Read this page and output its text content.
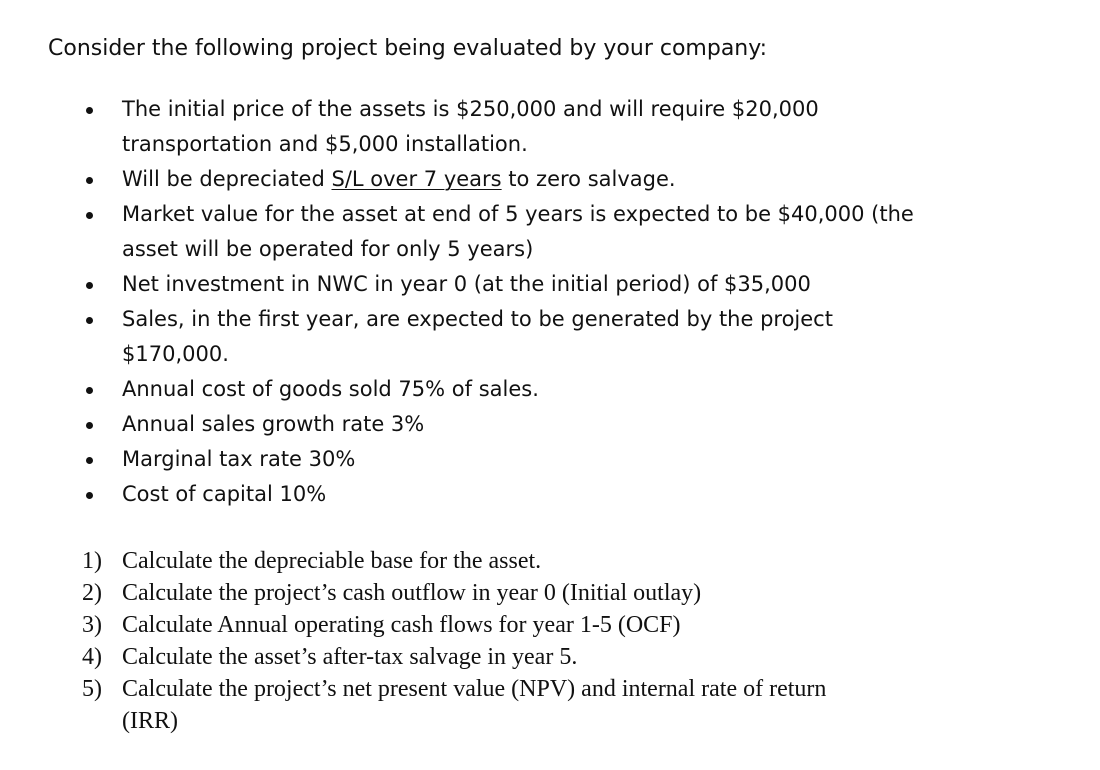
Consider the following project being evaluated by your company:
The initial price of the assets is $250,000 and will require $20,000
transportation and $5,000 installation.
Will be depreciated S/L over 7 years to zero salvage.
Market value for the asset at end of 5 years is expected to be $40,000 (the
asset will be operated for only 5 years)
Net investment in NWC in year 0 (at the initial period) of $35,000
Sales, in the first year, are expected to be generated by the project
$170,000.
Annual cost of goods sold 75% of sales.
Annual sales growth rate 3%
Marginal tax rate 30%
Cost of capital 10%
1) Calculate the depreciable base for the asset.
2) Calculate the project’s cash outflow in year 0 (Initial outlay)
3) Calculate Annual operating cash flows for year 1-5 (OCF)
4) Calculate the asset’s after-tax salvage in year 5.
5) Calculate the project’s net present value (NPV) and internal rate of return
(IRR)
